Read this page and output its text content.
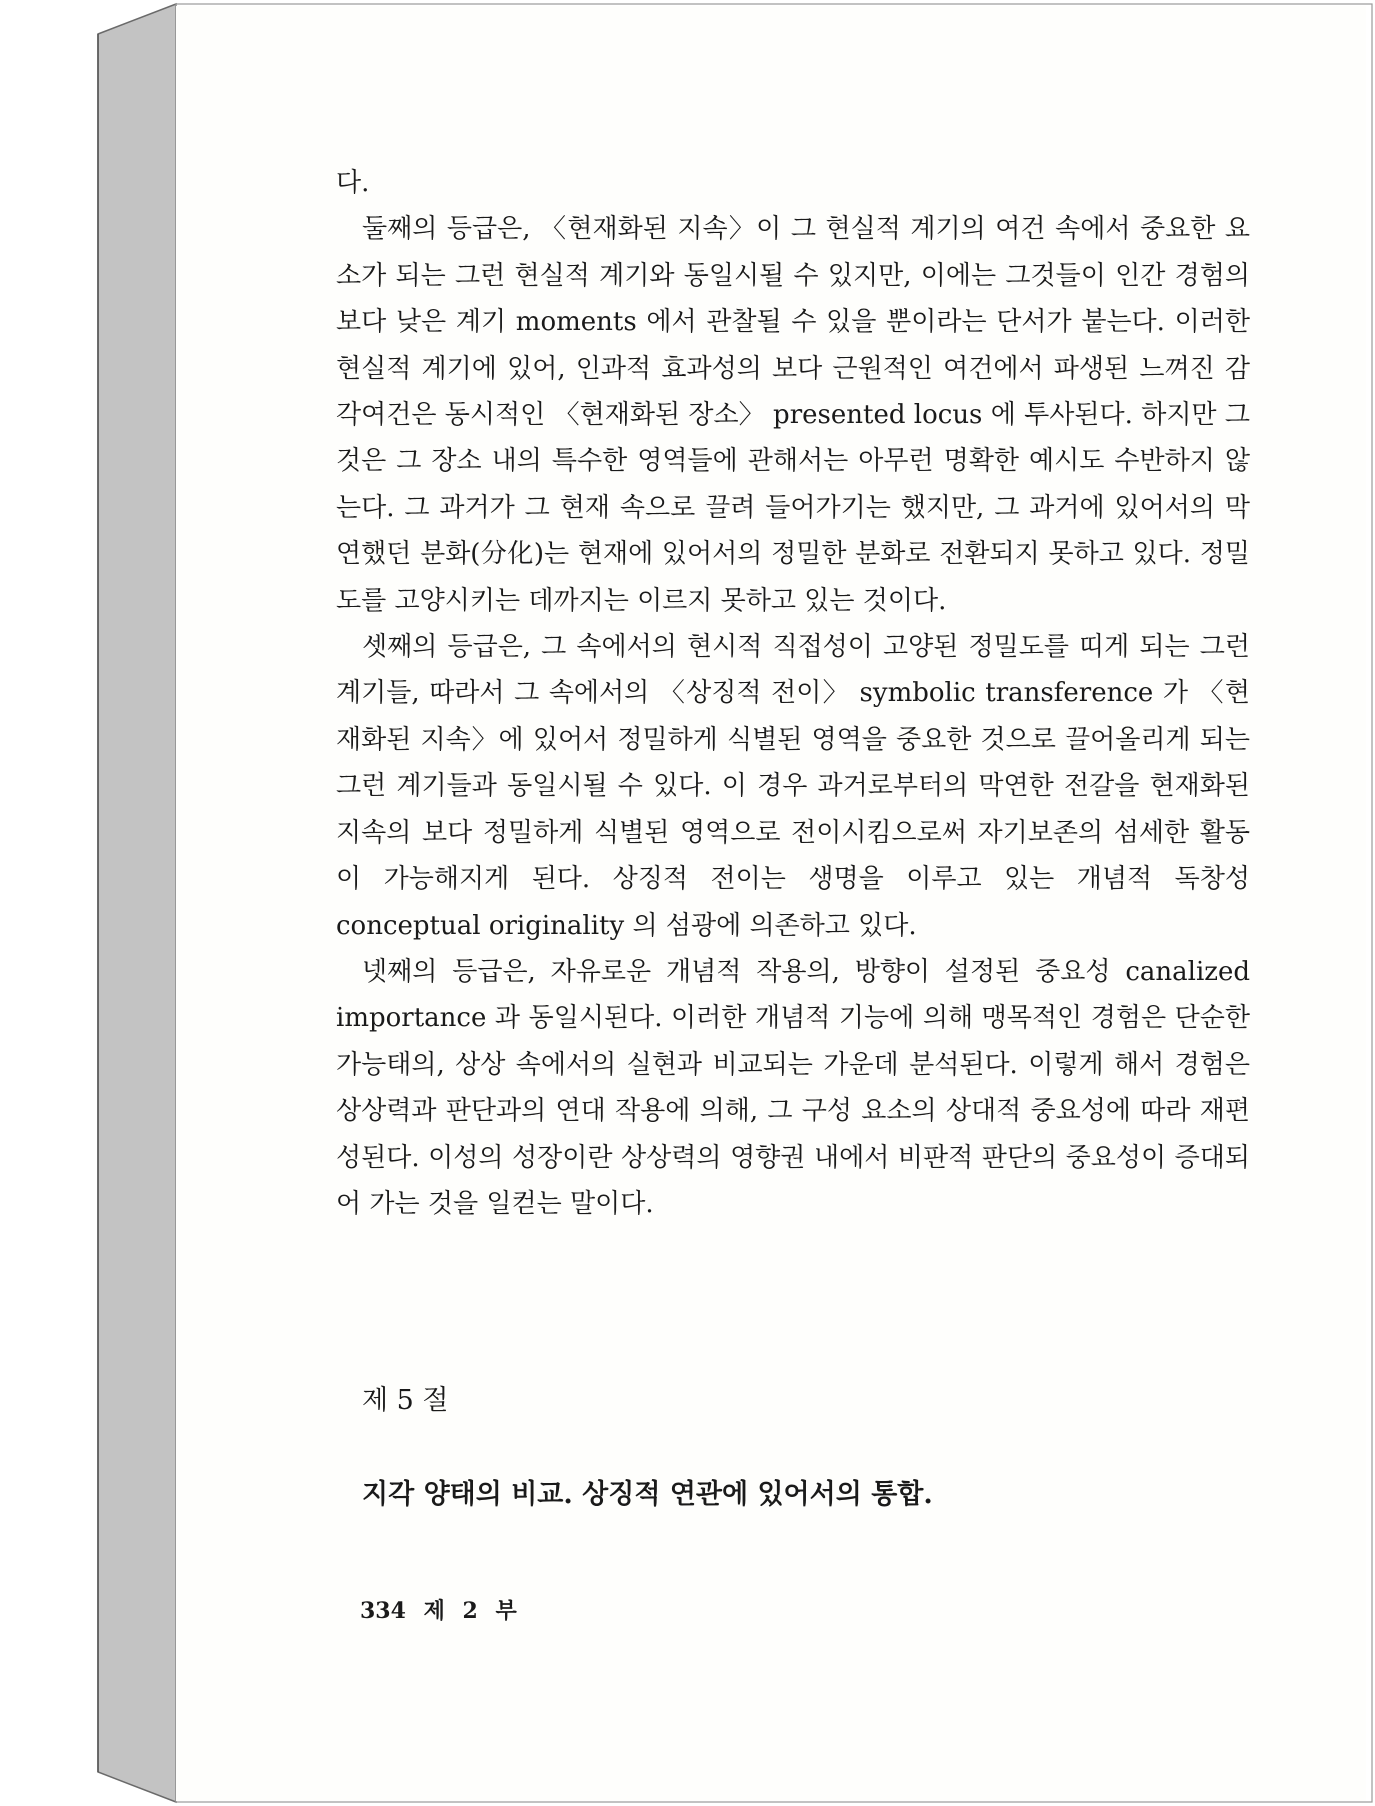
다.

둘째의 등급은, 〈현재화된 지속〉이 그 현실적 계기의 여건 속에서 중요한 요소가 되는 그런 현실적 계기와 동일시될 수 있지만, 이에는 그것들이 인간 경험의 보다 낮은 계기 moments 에서 관찰될 수 있을 뿐이라는 단서가 붙는다. 이러한 현실적 계기에 있어, 인과적 효과성의 보다 근원적인 여건에서 파생된 느껴진 감각여건은 동시적인 〈현재화된 장소〉 presented locus 에 투사된다. 하지만 그것은 그 장소 내의 특수한 영역들에 관해서는 아무런 명확한 예시도 수반하지 않는다. 그 과거가 그 현재 속으로 끌려 들어가기는 했지만, 그 과거에 있어서의 막연했던 분화(分化)는 현재에 있어서의 정밀한 분화로 전환되지 못하고 있다. 정밀도를 고양시키는 데까지는 이르지 못하고 있는 것이다.

셋째의 등급은, 그 속에서의 현시적 직접성이 고양된 정밀도를 띠게 되는 그런 계기들, 따라서 그 속에서의 〈상징적 전이〉 symbolic transference 가 〈현재화된 지속〉에 있어서 정밀하게 식별된 영역을 중요한 것으로 끌어올리게 되는 그런 계기들과 동일시될 수 있다. 이 경우 과거로부터의 막연한 전갈을 현재화된 지속의 보다 정밀하게 식별된 영역으로 전이시킴으로써 자기보존의 섬세한 활동이 가능해지게 된다. 상징적 전이는 생명을 이루고 있는 개념적 독창성 conceptual originality 의 섬광에 의존하고 있다.

넷째의 등급은, 자유로운 개념적 작용의, 방향이 설정된 중요성 canalized importance 과 동일시된다. 이러한 개념적 기능에 의해 맹목적인 경험은 단순한 가능태의, 상상 속에서의 실현과 비교되는 가운데 분석된다. 이렇게 해서 경험은 상상력과 판단과의 연대 작용에 의해, 그 구성 요소의 상대적 중요성에 따라 재편성된다. 이성의 성장이란 상상력의 영향권 내에서 비판적 판단의 중요성이 증대되어 가는 것을 일컫는 말이다.

제 5 절

지각 양태의 비교. 상징적 연관에 있어서의 통합.

334 제 2 부
